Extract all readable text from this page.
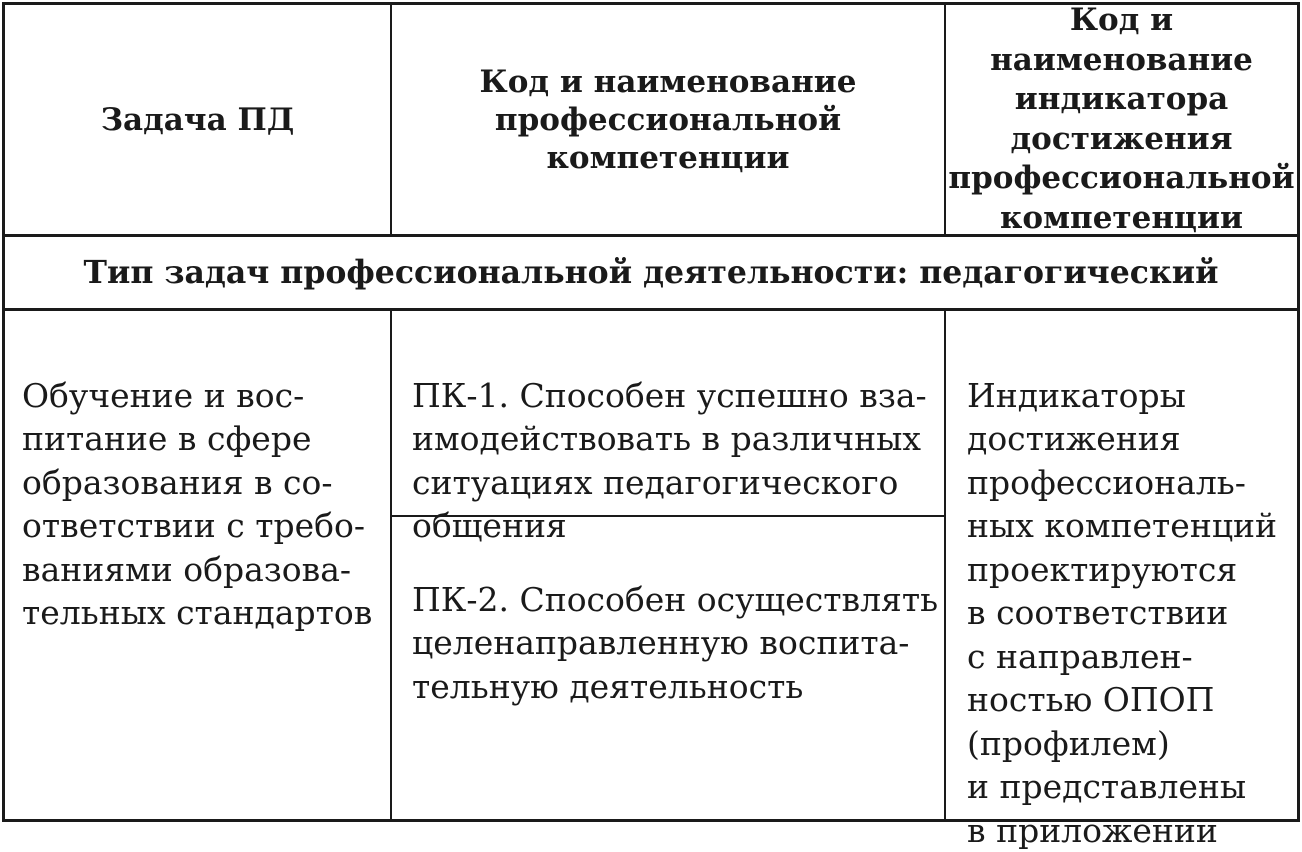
Задача ПД
Код и наименование
профессиональной
компетенции
Код и наименование
индикатора
достижения
профессиональной
компетенции
Тип задач профессиональной деятельности: педагогический

Обучение и вос-
питание в сфере
образования в со-
ответствии с требо-
ваниями образова-
тельных стандартов

ПК-1. Способен успешно вза-
имодействовать в различных
ситуациях педагогического
общения

ПК-2. Способен осуществлять
целенаправленную воспита-
тельную деятельность

Индикаторы
достижения
профессиональ-
ных компетенций
проектируются
в соответствии
с направлен-
ностью ОПОП
(профилем)
и представлены
в приложении
